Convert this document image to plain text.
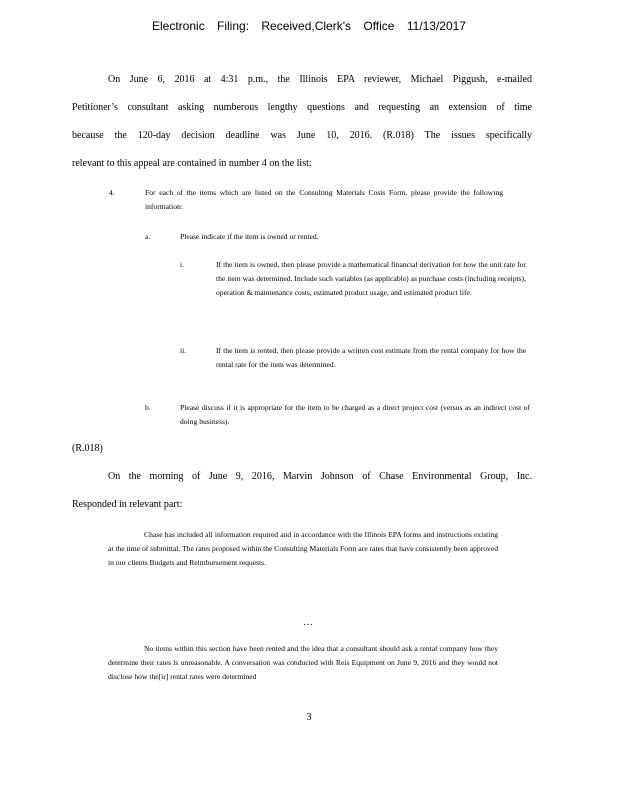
Electronic Filing: Received,Clerk's Office 11/13/2017
On June 6, 2016 at 4:31 p.m., the Illinois EPA reviewer, Michael Piggush, e-mailed
Petitioner’s consultant asking numberous lengthy questions and requesting an extension of time
because the 120-day decision deadline was June 10, 2016. (R.018) The issues specifically
relevant to this appeal are contained in number 4 on the list:
4.	For each of the items which are listed on the Consulting Materials Costs Form, please provide the following information:
a.	Please indicate if the item is owned or rented.
i.	If the item is owned, then please provide a mathematical financial derivation for how the unit rate for the item was determined. Include such variables (as applicable) as purchase costs (including receipts), operation & maintenance costs, estimated product usage, and estimated product life.
ii.	If the item is rented, then please provide a written cost estimate from the rental company for how the rental rate for the item was determined.
b.	Please discuss if it is appropriate for the item to be charged as a direct project cost (versus as an indirect cost of doing business).
(R.018)
On the morning of June 9, 2016, Marvin Johnson of Chase Environmental Group, Inc.
Responded in relevant part:
Chase has included all information required and in accordance with the Illinois EPA forms and instructions existing at the time of submittal. The rates proposed within the Consulting Materials Form are rates that have consistently been approved in our clients Budgets and Reimbursement requests.
…
No items within this section have been rented and the idea that a consultant should ask a rental company how they determine their rates is unreasonable. A conversation was conducted with Reis Equipment on June 9, 2016 and they would not disclose how the[ir] rental rates were determined
3
